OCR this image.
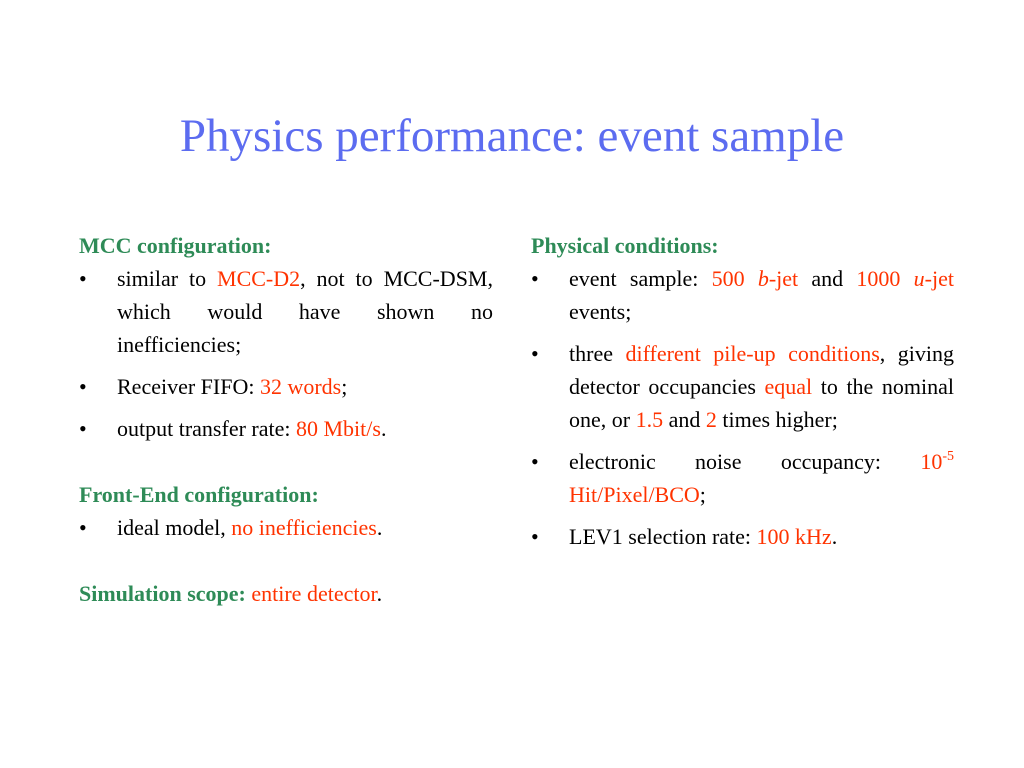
Physics performance: event sample
MCC configuration:
• similar to MCC-D2, not to MCC-DSM, which would have shown no inefficiencies;
• Receiver FIFO: 32 words;
• output transfer rate: 80 Mbit/s.
Front-End configuration:
• ideal model, no inefficiencies.
Simulation scope: entire detector.
Physical conditions:
• event sample: 500 b-jet and 1000 u-jet events;
• three different pile-up conditions, giving detector occupancies equal to the nominal one, or 1.5 and 2 times higher;
• electronic noise occupancy: $10^{-5}$ Hit/Pixel/BCO;
• LEV1 selection rate: 100 kHz.
